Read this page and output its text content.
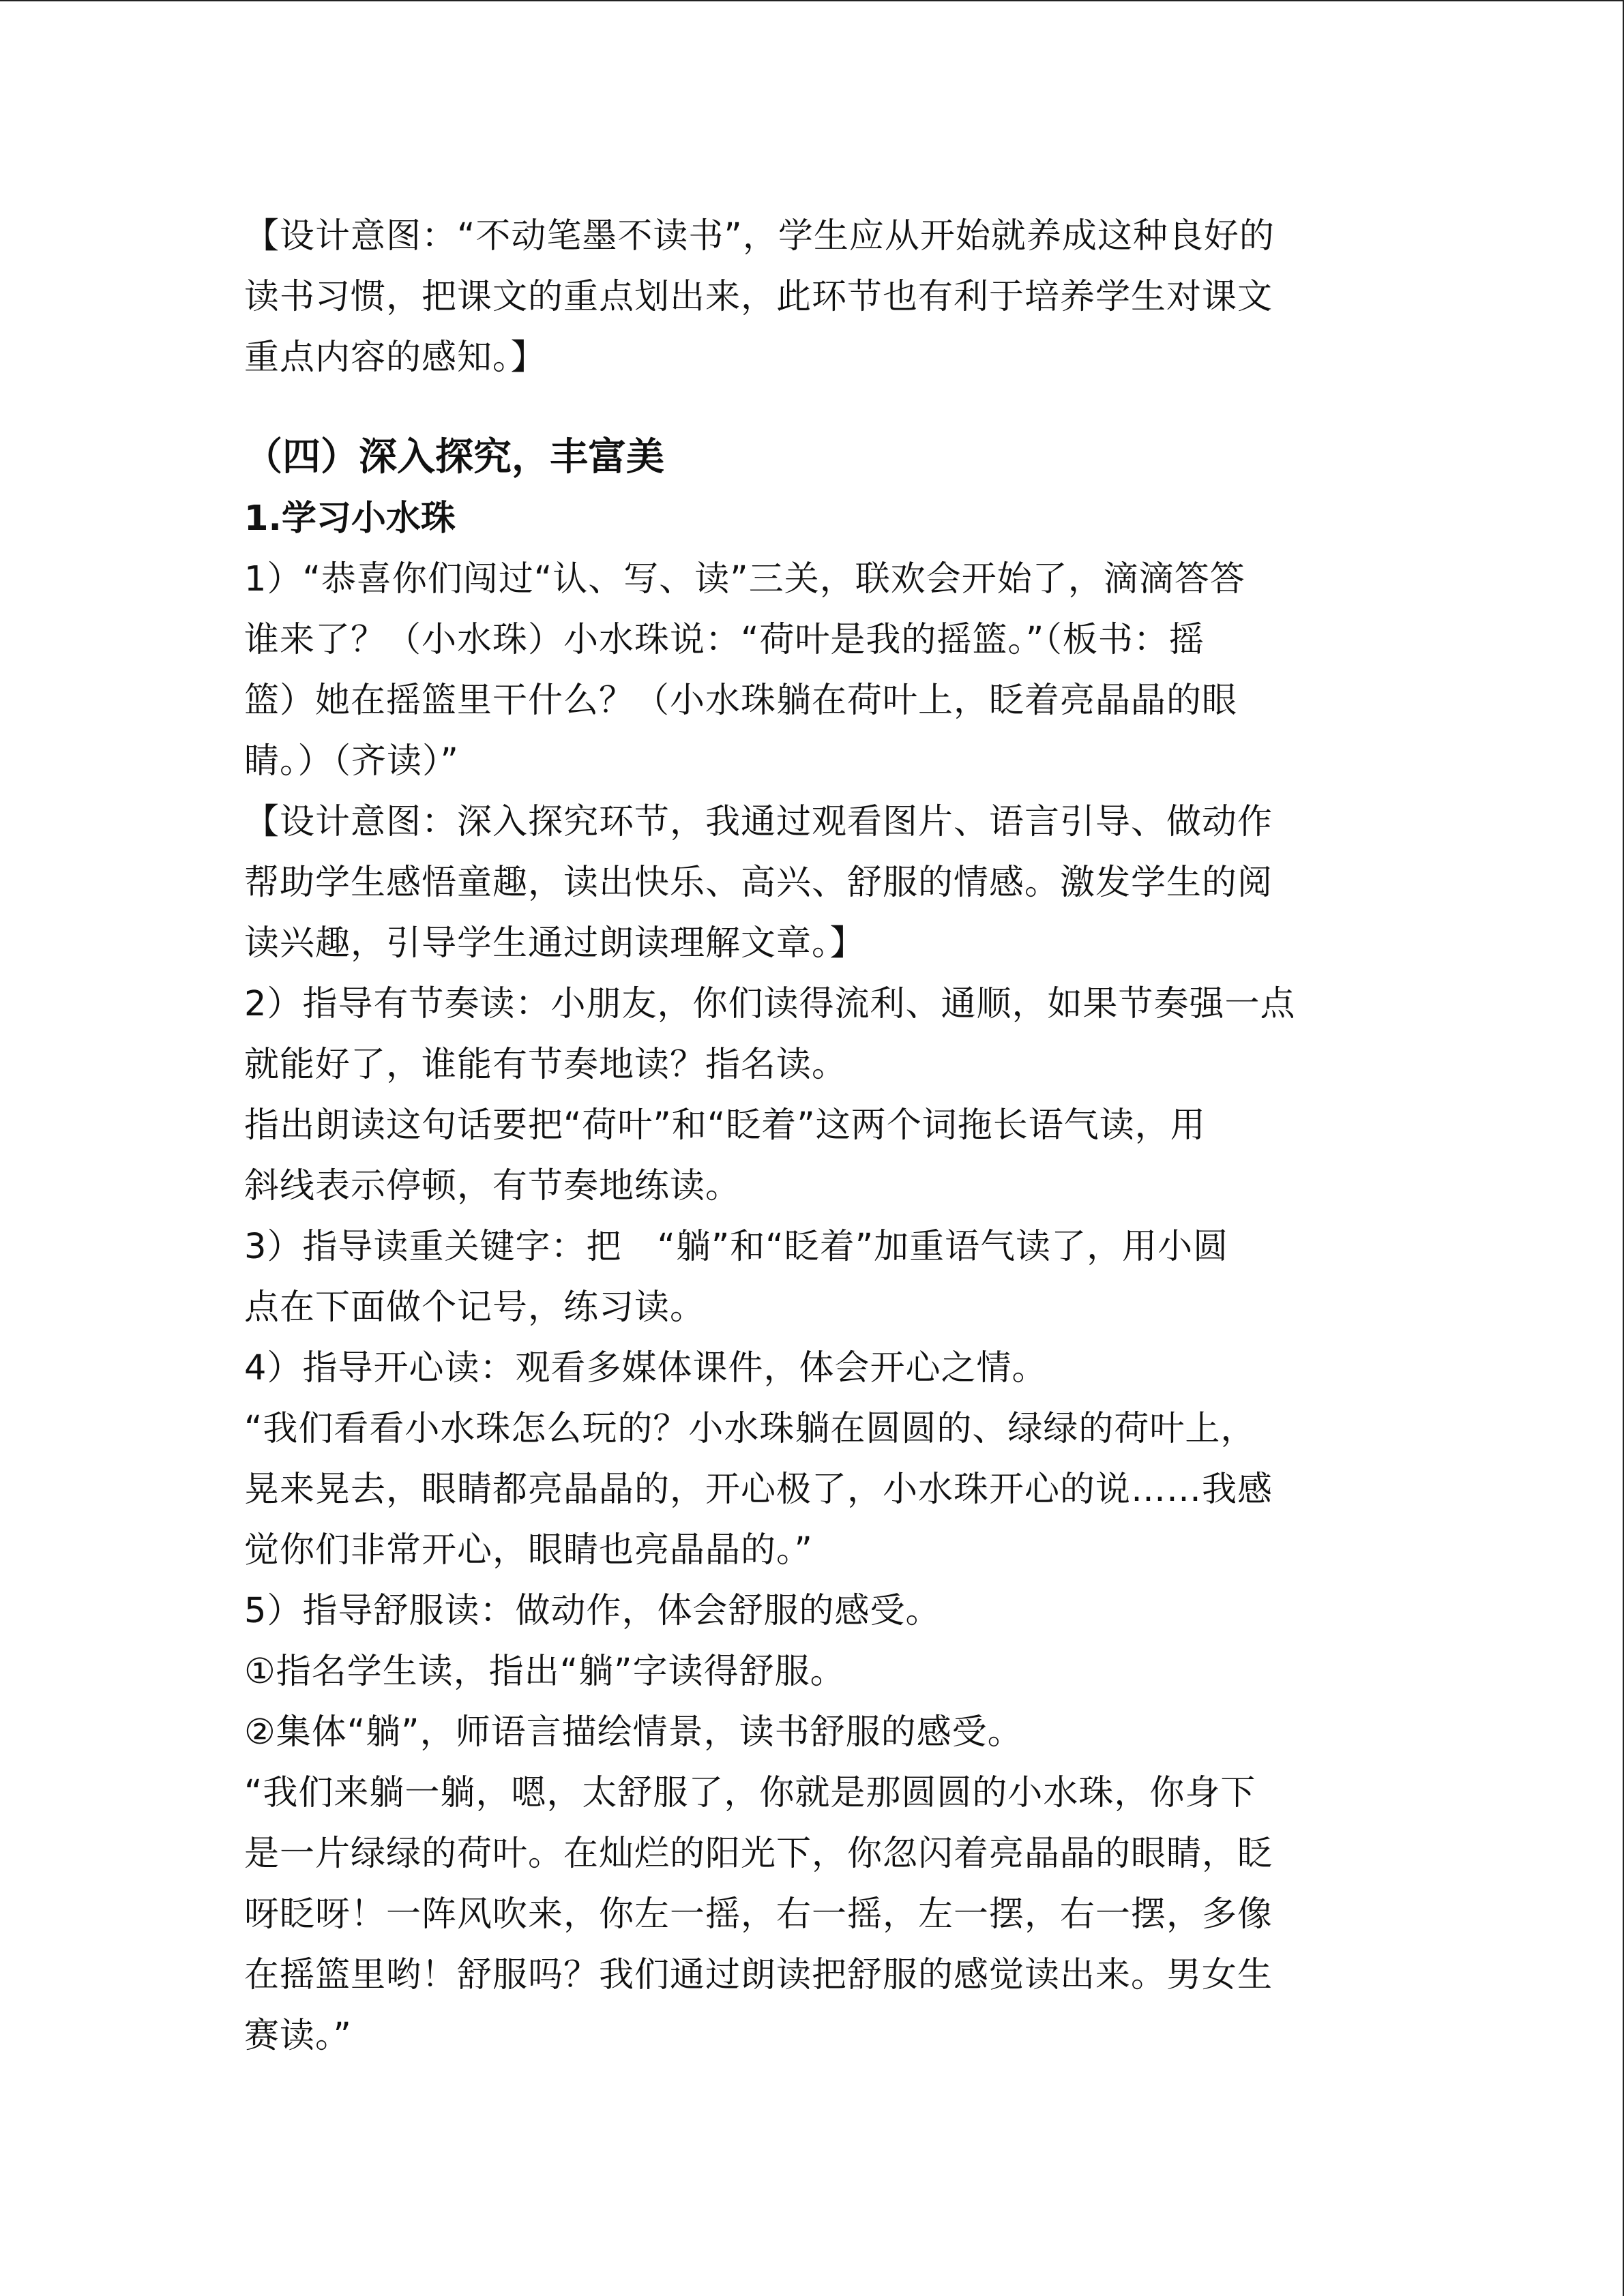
【设计意图：“不动笔墨不读书”，学生应从开始就养成这种良好的
读书习惯，把课文的重点划出来，此环节也有利于培养学生对课文
重点内容的感知。】
（四）深入探究，丰富美
1.学习小水珠
1）“恭喜你们闯过“认、写、读”三关，联欢会开始了，滴滴答答
谁来了？（小水珠）小水珠说：“荷叶是我的摇篮。”（板书：摇
篮）她在摇篮里干什么？（小水珠躺在荷叶上，眨着亮晶晶的眼
睛。）（齐读）”
【设计意图：深入探究环节，我通过观看图片、语言引导、做动作
帮助学生感悟童趣，读出快乐、高兴、舒服的情感。激发学生的阅
读兴趣，引导学生通过朗读理解文章。】
2）指导有节奏读：小朋友，你们读得流利、通顺，如果节奏强一点
就能好了，谁能有节奏地读？指名读。
指出朗读这句话要把“荷叶”和“眨着”这两个词拖长语气读，用
斜线表示停顿，有节奏地练读。
3）指导读重关键字：把　“躺”和“眨着”加重语气读了，用小圆
点在下面做个记号，练习读。
4）指导开心读：观看多媒体课件，体会开心之情。
“我们看看小水珠怎么玩的？小水珠躺在圆圆的、绿绿的荷叶上，
晃来晃去，眼睛都亮晶晶的，开心极了，小水珠开心的说……我感
觉你们非常开心，眼睛也亮晶晶的。”
5）指导舒服读：做动作，体会舒服的感受。
①指名学生读，指出“躺”字读得舒服。
②集体“躺”，师语言描绘情景，读书舒服的感受。
“我们来躺一躺，嗯，太舒服了，你就是那圆圆的小水珠，你身下
是一片绿绿的荷叶。在灿烂的阳光下，你忽闪着亮晶晶的眼睛，眨
呀眨呀！一阵风吹来，你左一摇，右一摇，左一摆，右一摆，多像
在摇篮里哟！舒服吗？我们通过朗读把舒服的感觉读出来。男女生
赛读。”
